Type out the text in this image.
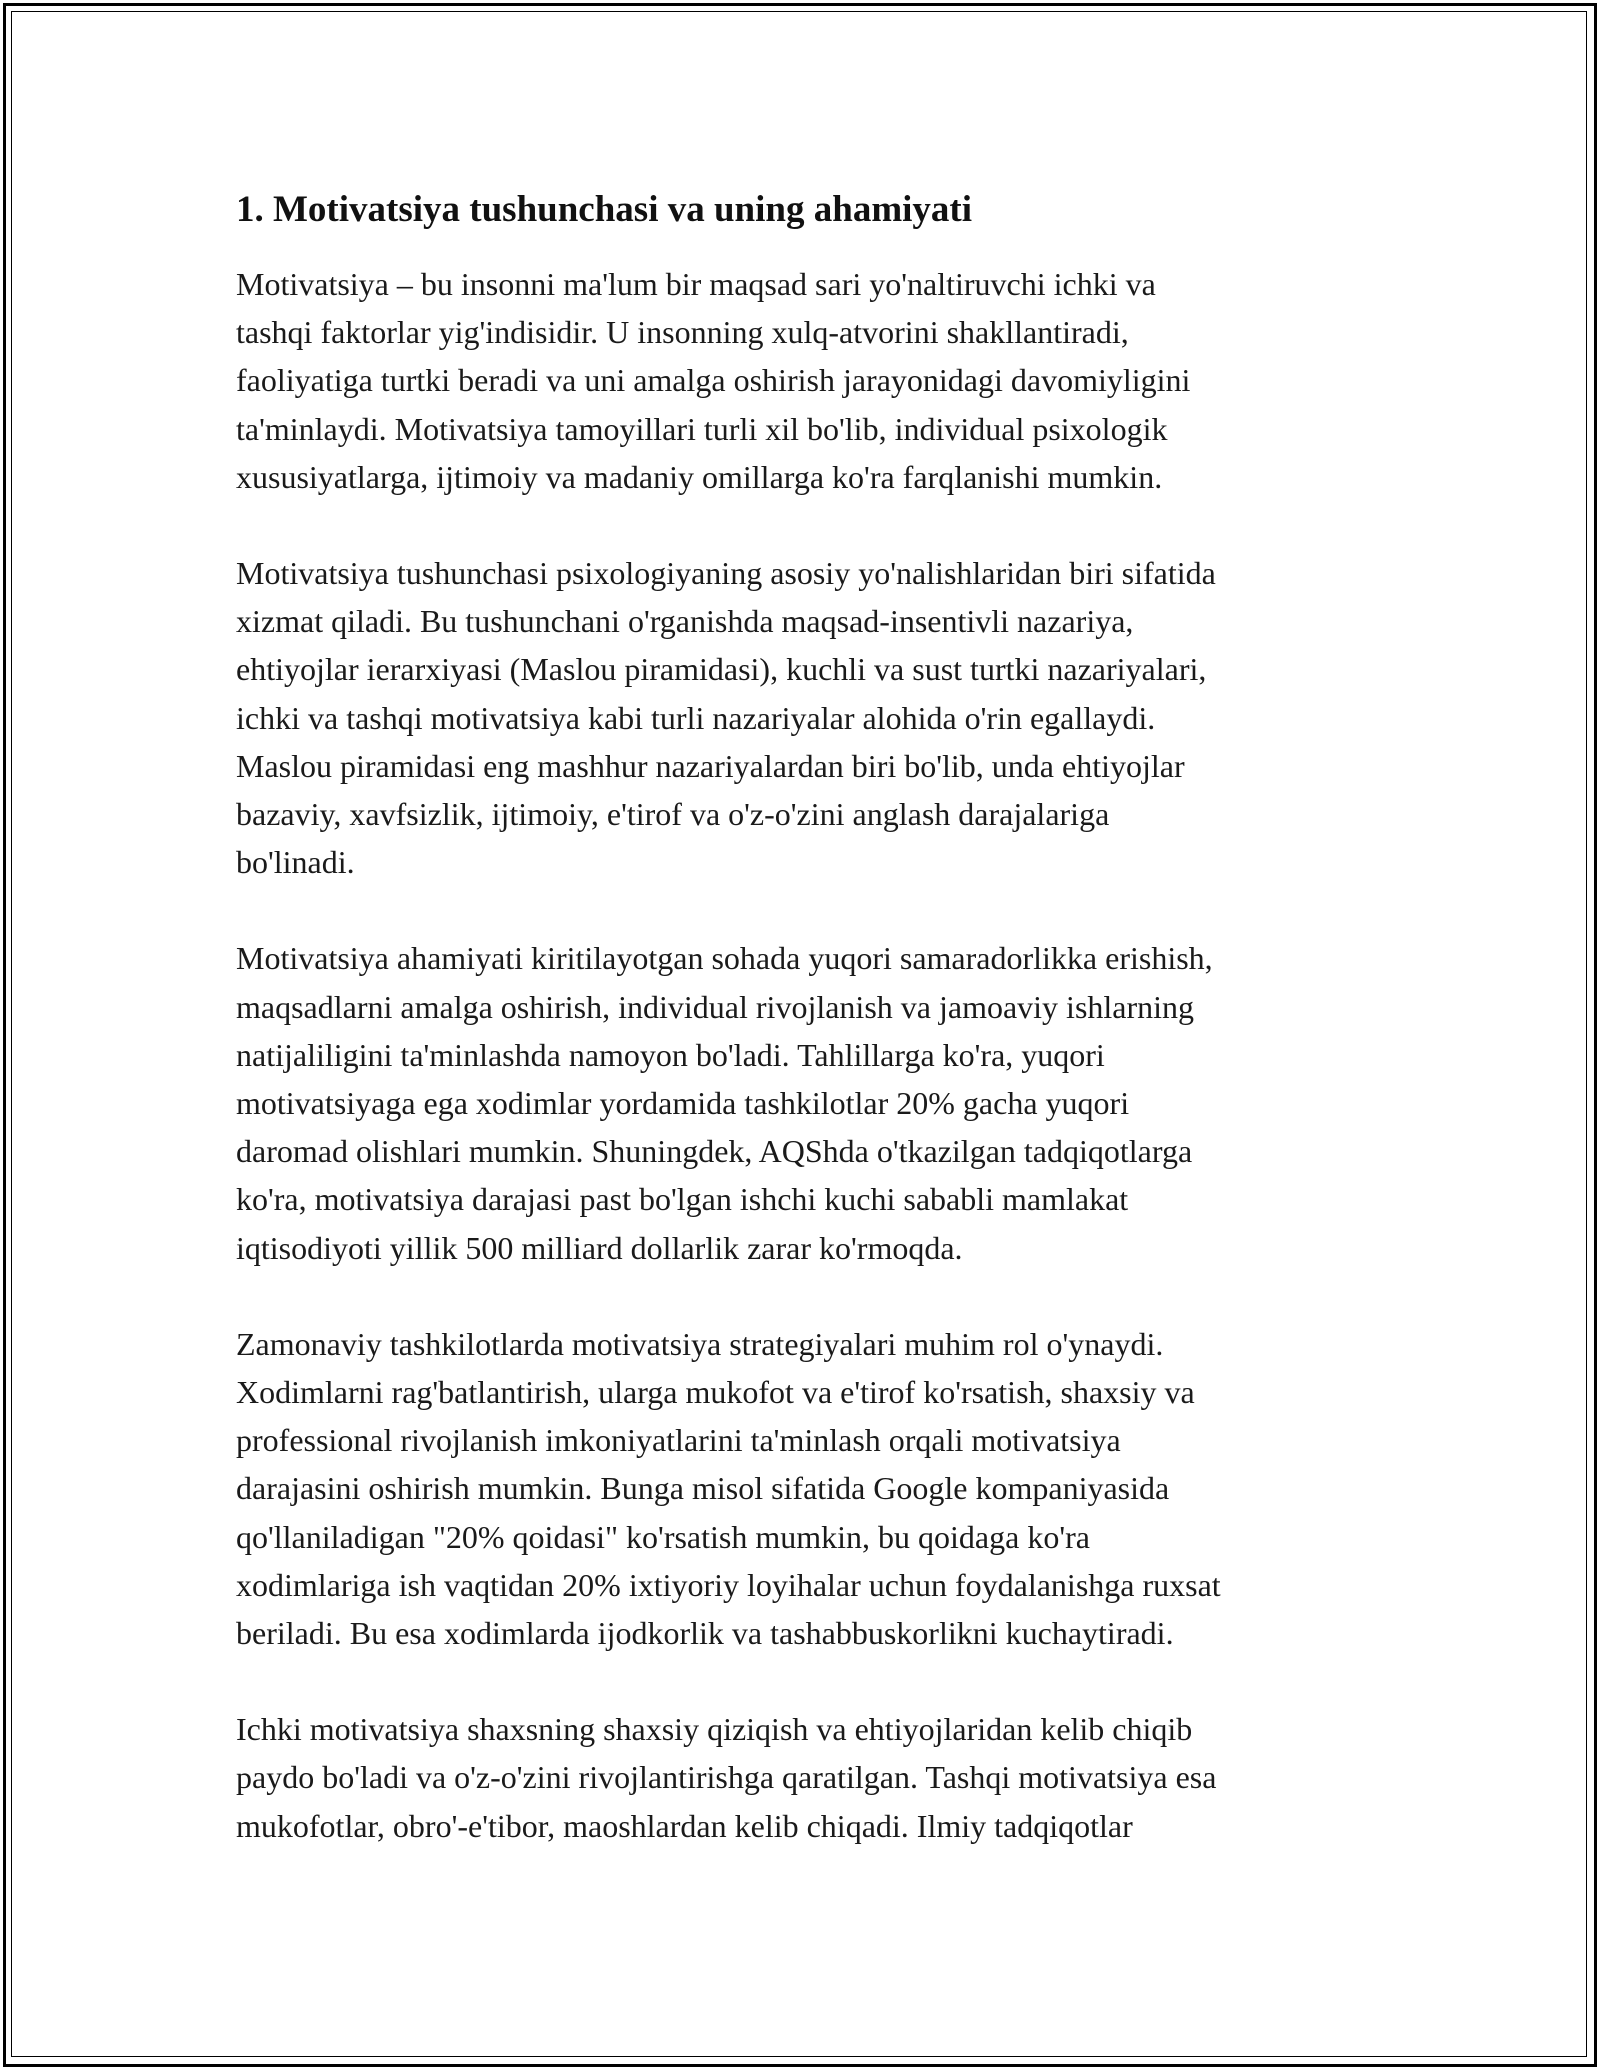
1. Motivatsiya tushunchasi va uning ahamiyati

Motivatsiya – bu insonni ma'lum bir maqsad sari yo'naltiruvchi ichki va
tashqi faktorlar yig'indisidir. U insonning xulq-atvorini shakllantiradi,
faoliyatiga turtki beradi va uni amalga oshirish jarayonidagi davomiyligini
ta'minlaydi. Motivatsiya tamoyillari turli xil bo'lib, individual psixologik
xususiyatlarga, ijtimoiy va madaniy omillarga ko'ra farqlanishi mumkin.

Motivatsiya tushunchasi psixologiyaning asosiy yo'nalishlaridan biri sifatida
xizmat qiladi. Bu tushunchani o'rganishda maqsad-insentivli nazariya,
ehtiyojlar ierarxiyasi (Maslou piramidasi), kuchli va sust turtki nazariyalari,
ichki va tashqi motivatsiya kabi turli nazariyalar alohida o'rin egallaydi.
Maslou piramidasi eng mashhur nazariyalardan biri bo'lib, unda ehtiyojlar
bazaviy, xavfsizlik, ijtimoiy, e'tirof va o'z-o'zini anglash darajalariga
bo'linadi.

Motivatsiya ahamiyati kiritilayotgan sohada yuqori samaradorlikka erishish,
maqsadlarni amalga oshirish, individual rivojlanish va jamoaviy ishlarning
natijaliligini ta'minlashda namoyon bo'ladi. Tahlillarga ko'ra, yuqori
motivatsiyaga ega xodimlar yordamida tashkilotlar 20% gacha yuqori
daromad olishlari mumkin. Shuningdek, AQShda o'tkazilgan tadqiqotlarga
ko'ra, motivatsiya darajasi past bo'lgan ishchi kuchi sababli mamlakat
iqtisodiyoti yillik 500 milliard dollarlik zarar ko'rmoqda.

Zamonaviy tashkilotlarda motivatsiya strategiyalari muhim rol o'ynaydi.
Xodimlarni rag'batlantirish, ularga mukofot va e'tirof ko'rsatish, shaxsiy va
professional rivojlanish imkoniyatlarini ta'minlash orqali motivatsiya
darajasini oshirish mumkin. Bunga misol sifatida Google kompaniyasida
qo'llaniladigan "20% qoidasi" ko'rsatish mumkin, bu qoidaga ko'ra
xodimlariga ish vaqtidan 20% ixtiyoriy loyihalar uchun foydalanishga ruxsat
beriladi. Bu esa xodimlarda ijodkorlik va tashabbuskorlikni kuchaytiradi.

Ichki motivatsiya shaxsning shaxsiy qiziqish va ehtiyojlaridan kelib chiqib
paydo bo'ladi va o'z-o'zini rivojlantirishga qaratilgan. Tashqi motivatsiya esa
mukofotlar, obro'-e'tibor, maoshlardan kelib chiqadi. Ilmiy tadqiqotlar
